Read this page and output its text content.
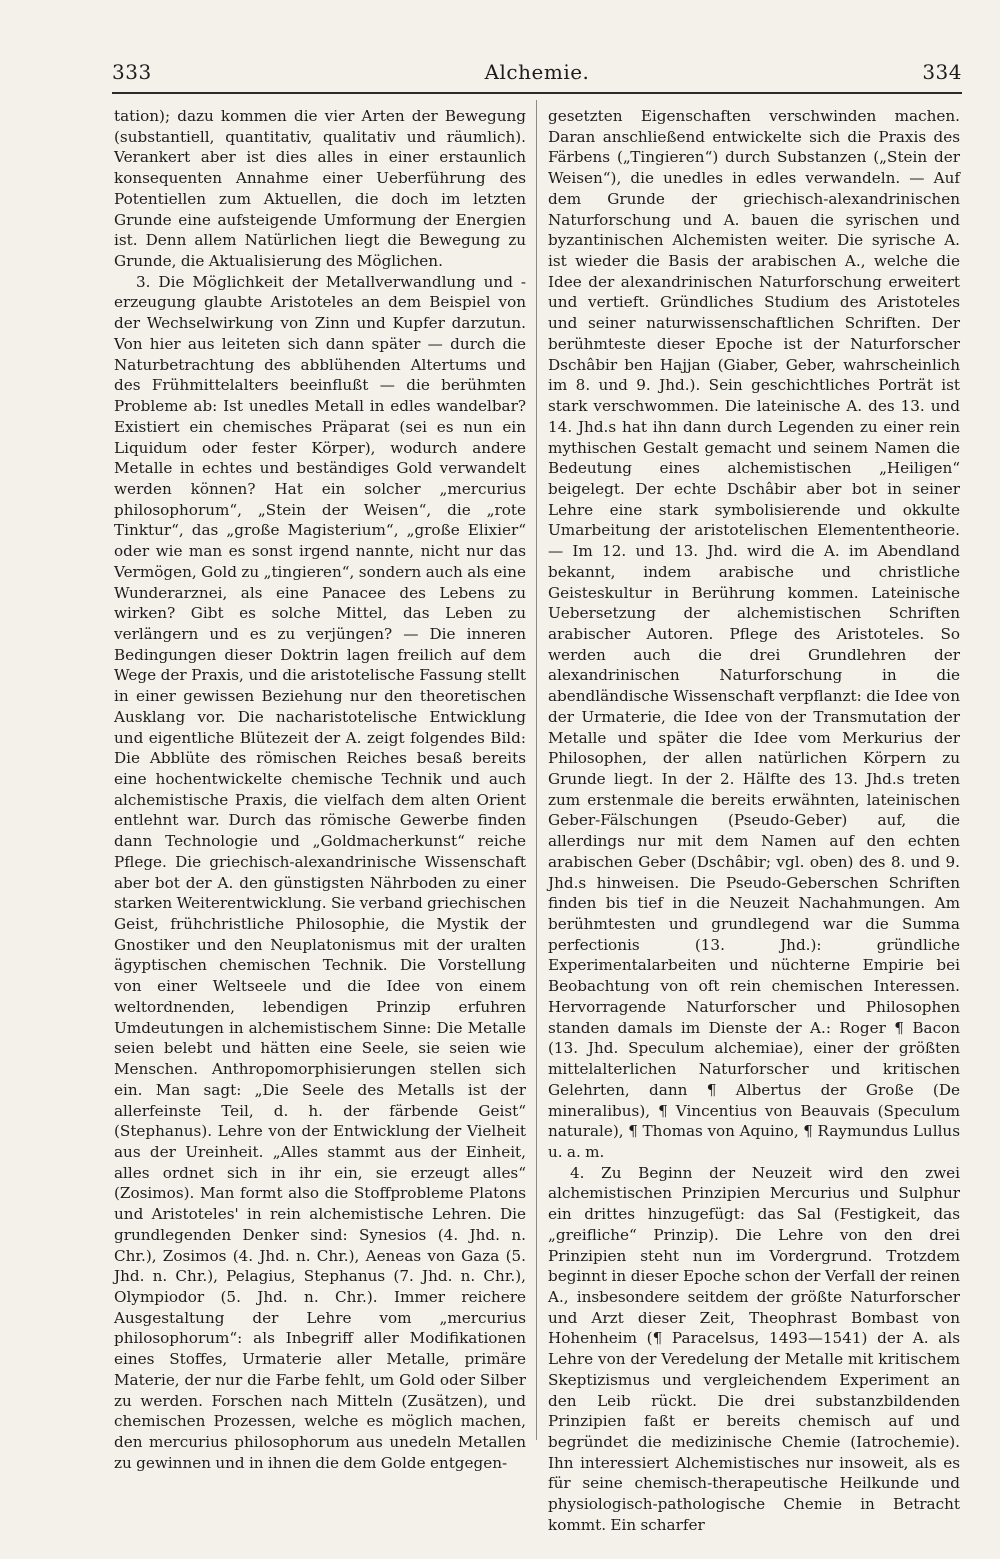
333	Alchemie.	334

tation); dazu kommen die vier Arten der Bewegung (substantiell, quantitativ, qualitativ und räumlich). Verankert aber ist dies alles in einer erstaunlich konsequenten Annahme einer Ueberführung des Potentiellen zum Aktuellen, die doch im letzten Grunde eine aufsteigende Umformung der Energien ist. Denn allem Natürlichen liegt die Bewegung zu Grunde, die Aktualisierung des Möglichen.

3. Die Möglichkeit der Metallverwandlung und -erzeugung glaubte Aristoteles an dem Beispiel von der Wechselwirkung von Zinn und Kupfer darzutun. Von hier aus leiteten sich dann später — durch die Naturbetrachtung des abblühenden Altertums und des Frühmittelalters beeinflußt — die berühmten Probleme ab: Ist unedles Metall in edles wandelbar? Existiert ein chemisches Präparat (sei es nun ein Liquidum oder fester Körper), wodurch andere Metalle in echtes und beständiges Gold verwandelt werden können? Hat ein solcher „mercurius philosophorum“, „Stein der Weisen“, die „rote Tinktur“, das „große Magisterium“, „große Elixier“ oder wie man es sonst irgend nannte, nicht nur das Vermögen, Gold zu „tingieren“, sondern auch als eine Wunderarznei, als eine Panacee des Lebens zu wirken? Gibt es solche Mittel, das Leben zu verlängern und es zu verjüngen? — Die inneren Bedingungen dieser Doktrin lagen freilich auf dem Wege der Praxis, und die aristotelische Fassung stellt in einer gewissen Beziehung nur den theoretischen Ausklang vor. Die nacharistotelische Entwicklung und eigentliche Blütezeit der A. zeigt folgendes Bild: Die Abblüte des römischen Reiches besaß bereits eine hochentwickelte chemische Technik und auch alchemistische Praxis, die vielfach dem alten Orient entlehnt war. Durch das römische Gewerbe finden dann Technologie und „Goldmacherkunst“ reiche Pflege. Die griechisch-alexandrinische Wissenschaft aber bot der A. den günstigsten Nährboden zu einer starken Weiterentwicklung. Sie verband griechischen Geist, frühchristliche Philosophie, die Mystik der Gnostiker und den Neuplatonismus mit der uralten ägyptischen chemischen Technik. Die Vorstellung von einer Weltseele und die Idee von einem weltordnenden, lebendigen Prinzip erfuhren Umdeutungen in alchemistischem Sinne: Die Metalle seien belebt und hätten eine Seele, sie seien wie Menschen. Anthropomorphisierungen stellen sich ein. Man sagt: „Die Seele des Metalls ist der allerfeinste Teil, d. h. der färbende Geist“ (Stephanus). Lehre von der Entwicklung der Vielheit aus der Ureinheit. „Alles stammt aus der Einheit, alles ordnet sich in ihr ein, sie erzeugt alles“ (Zosimos). Man formt also die Stoffprobleme Platons und Aristoteles' in rein alchemistische Lehren. Die grundlegenden Denker sind: Synesios (4. Jhd. n. Chr.), Zosimos (4. Jhd. n. Chr.), Aeneas von Gaza (5. Jhd. n. Chr.), Pelagius, Stephanus (7. Jhd. n. Chr.), Olympiodor (5. Jhd. n. Chr.). Immer reichere Ausgestaltung der Lehre vom „mercurius philosophorum“: als Inbegriff aller Modifikationen eines Stoffes, Urmaterie aller Metalle, primäre Materie, der nur die Farbe fehlt, um Gold oder Silber zu werden. Forschen nach Mitteln (Zusätzen), und chemischen Prozessen, welche es möglich machen, den mercurius philosophorum aus unedeln Metallen zu gewinnen und in ihnen die dem Golde entgegen-

gesetzten Eigenschaften verschwinden machen. Daran anschließend entwickelte sich die Praxis des Färbens („Tingieren“) durch Substanzen („Stein der Weisen“), die unedles in edles verwandeln. — Auf dem Grunde der griechisch-alexandrinischen Naturforschung und A. bauen die syrischen und byzantinischen Alchemisten weiter. Die syrische A. ist wieder die Basis der arabischen A., welche die Idee der alexandrinischen Naturforschung erweitert und vertieft. Gründliches Studium des Aristoteles und seiner naturwissenschaftlichen Schriften. Der berühmteste dieser Epoche ist der Naturforscher Dschâbir ben Hajjan (Giaber, Geber, wahrscheinlich im 8. und 9. Jhd.). Sein geschichtliches Porträt ist stark verschwommen. Die lateinische A. des 13. und 14. Jhd.s hat ihn dann durch Legenden zu einer rein mythischen Gestalt gemacht und seinem Namen die Bedeutung eines alchemistischen „Heiligen“ beigelegt. Der echte Dschâbir aber bot in seiner Lehre eine stark symbolisierende und okkulte Umarbeitung der aristotelischen Elemententheorie. — Im 12. und 13. Jhd. wird die A. im Abendland bekannt, indem arabische und christliche Geisteskultur in Berührung kommen. Lateinische Uebersetzung der alchemistischen Schriften arabischer Autoren. Pflege des Aristoteles. So werden auch die drei Grundlehren der alexandrinischen Naturforschung in die abendländische Wissenschaft verpflanzt: die Idee von der Urmaterie, die Idee von der Transmutation der Metalle und später die Idee vom Merkurius der Philosophen, der allen natürlichen Körpern zu Grunde liegt. In der 2. Hälfte des 13. Jhd.s treten zum erstenmale die bereits erwähnten, lateinischen Geber-Fälschungen (Pseudo-Geber) auf, die allerdings nur mit dem Namen auf den echten arabischen Geber (Dschâbir; vgl. oben) des 8. und 9. Jhd.s hinweisen. Die Pseudo-Geberschen Schriften finden bis tief in die Neuzeit Nachahmungen. Am berühmtesten und grundlegend war die Summa perfectionis (13. Jhd.): gründliche Experimentalarbeiten und nüchterne Empirie bei Beobachtung von oft rein chemischen Interessen. Hervorragende Naturforscher und Philosophen standen damals im Dienste der A.: Roger ¶ Bacon (13. Jhd. Speculum alchemiae), einer der größten mittelalterlichen Naturforscher und kritischen Gelehrten, dann ¶ Albertus der Große (De mineralibus), ¶ Vincentius von Beauvais (Speculum naturale), ¶ Thomas von Aquino, ¶ Raymundus Lullus u. a. m.

4. Zu Beginn der Neuzeit wird den zwei alchemistischen Prinzipien Mercurius und Sulphur ein drittes hinzugefügt: das Sal (Festigkeit, das „greifliche“ Prinzip). Die Lehre von den drei Prinzipien steht nun im Vordergrund. Trotzdem beginnt in dieser Epoche schon der Verfall der reinen A., insbesondere seitdem der größte Naturforscher und Arzt dieser Zeit, Theophrast Bombast von Hohenheim (¶ Paracelsus, 1493—1541) der A. als Lehre von der Veredelung der Metalle mit kritischem Skeptizismus und vergleichendem Experiment an den Leib rückt. Die drei substanzbildenden Prinzipien faßt er bereits chemisch auf und begründet die medizinische Chemie (Iatrochemie). Ihn interessiert Alchemistisches nur insoweit, als es für seine chemisch-therapeutische Heilkunde und physiologisch-pathologische Chemie in Betracht kommt. Ein scharfer
